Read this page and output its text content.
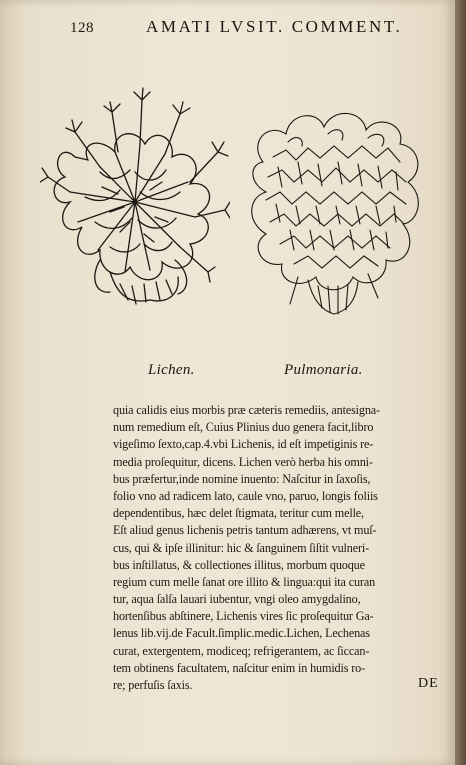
128	AMATI LVSIT. COMMENT.
Lichen.	Pulmonaria.
quia calidis eius morbis præ cæteris remediis, antesigna-
num remedium eſt, Cuius Plinius duo genera facit,libro
vigeſimo ſexto,cap.4.vbi Lichenis, id eſt impetiginis re-
media proſequitur, dicens. Lichen verò herba his omni-
bus præfertur,inde nomine inuento: Naſcitur in ſaxoſis,
folio vno ad radicem lato, caule vno, paruo, longis foliis
dependentibus, hæc delet ſtigmata, teritur cum melle,
Eſt aliud genus lichenis petris tantum adhærens, vt muſ-
cus, qui & ipſe illinitur: hic & ſanguinem ſiſtit vulneri-
bus inſtillatus, & collectiones illitus, morbum quoque
regium cum melle ſanat ore illito & lingua:qui ita curan
tur, aqua ſalſa lauari iubentur, vngi oleo amygdalino,
hortenſibus abſtinere, Lichenis vires ſic proſequitur Ga-
lenus lib.vij.de Facult.ſimplic.medic.Lichen, Lechenas
curat, extergentem, modiceq; refrigerantem, ac ſiccan-
tem obtinens facultatem, naſcitur enim in humidis ro-
re; perfuſis ſaxis.	DE
